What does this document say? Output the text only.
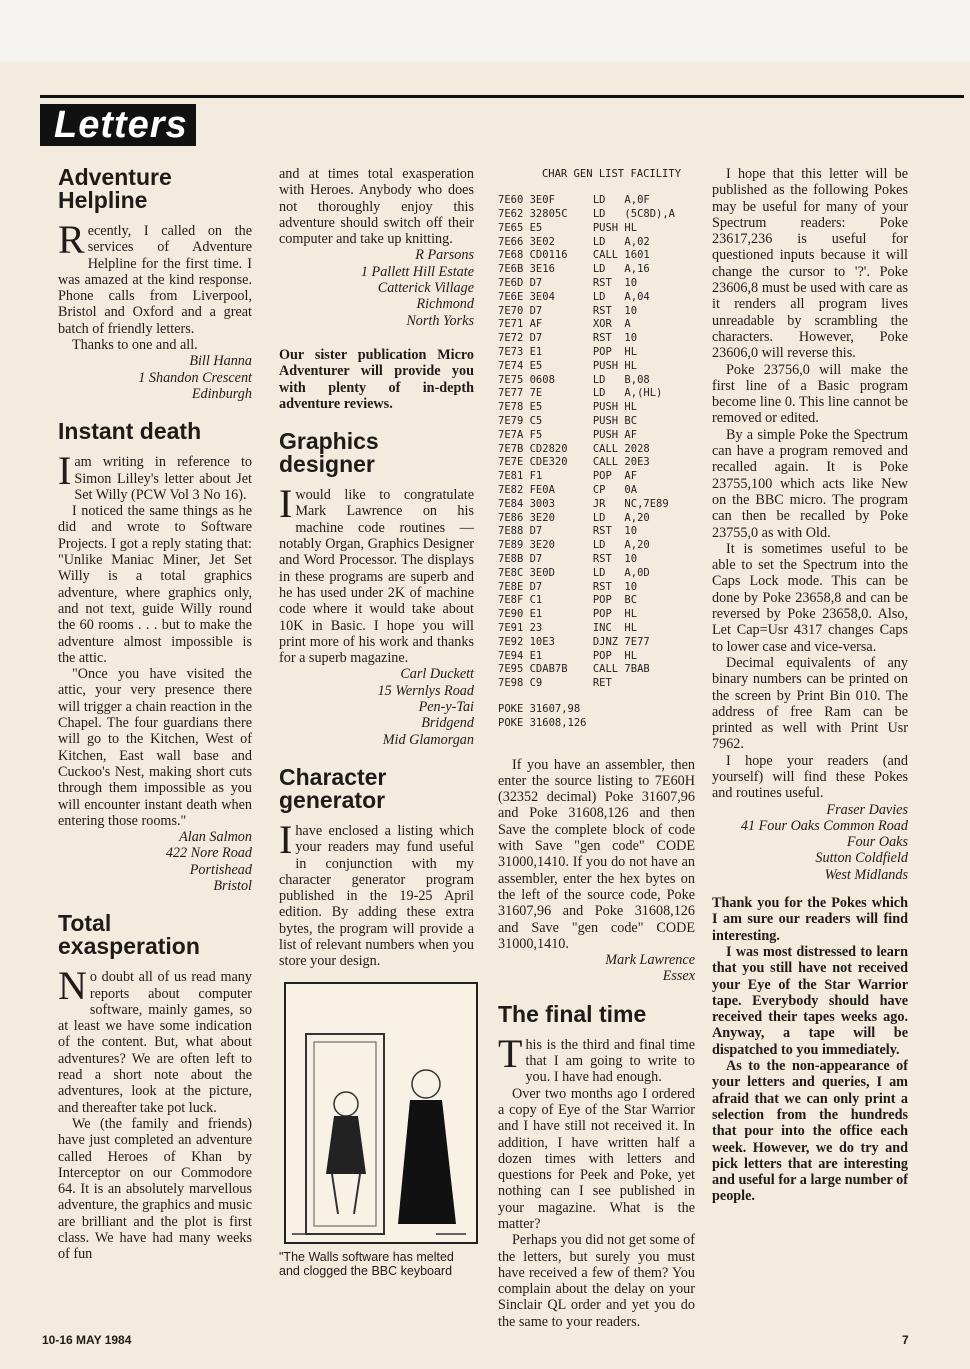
Letters
Adventure Helpline

Recently, I called on the services of Adventure Helpline for the first time. I was amazed at the kind response. Phone calls from Liverpool, Bristol and Oxford and a great batch of friendly letters.

Thanks to one and all.

Bill Hanna

1 Shandon Crescent

Edinburgh

Instant death

Iam writing in reference to Simon Lilley's letter about Jet Set Willy (PCW Vol 3 No 16).

I noticed the same things as he did and wrote to Software Projects. I got a reply stating that: "Unlike Maniac Miner, Jet Set Willy is a total graphics adventure, where graphics only, and not text, guide Willy round the 60 rooms . . . but to make the adventure almost impossible is the attic.

"Once you have visited the attic, your very presence there will trigger a chain reaction in the Chapel. The four guardians there will go to the Kitchen, West of Kitchen, East wall base and Cuckoo's Nest, making short cuts through them impossible as you will encounter instant death when entering those rooms."

Alan Salmon

422 Nore Road

Portishead

Bristol

Total exasperation

No doubt all of us read many reports about computer software, mainly games, so at least we have some indication of the content. But, what about adventures? We are often left to read a short note about the adventures, look at the picture, and thereafter take pot luck.

We (the family and friends) have just completed an adventure called Heroes of Khan by Interceptor on our Commodore 64. It is an absolutely marvellous adventure, the graphics and music are brilliant and the plot is first class. We have had many weeks of fun

and at times total exasperation with Heroes. Anybody who does not thoroughly enjoy this adventure should switch off their computer and take up knitting.

R Parsons

1 Pallett Hill Estate

Catterick Village

Richmond

North Yorks

Our sister publication Micro Adventurer will provide you with plenty of in-depth adventure reviews.

Graphics designer

Iwould like to congratulate Mark Lawrence on his machine code routines — notably Organ, Graphics Designer and Word Processor. The displays in these programs are superb and he has used under 2K of machine code where it would take about 10K in Basic. I hope you will print more of his work and thanks for a superb magazine.

Carl Duckett

15 Wernlys Road

Pen-y-Tai

Bridgend

Mid Glamorgan

Character generator

Ihave enclosed a listing which your readers may fund useful in conjunction with my character generator program published in the 19-25 April edition. By adding these extra bytes, the program will provide a list of relevant numbers when you store your design.

"The Walls software has melted and clogged the BBC keyboard
CHAR GEN LIST FACILITY
7E60 3E0F      LD   A,0F
7E62 32805C    LD   (5C8D),A
7E65 E5        PUSH HL
7E66 3E02      LD   A,02
7E68 CD0116    CALL 1601
7E6B 3E16      LD   A,16
7E6D D7        RST  10
7E6E 3E04      LD   A,04
7E70 D7        RST  10
7E71 AF        XOR  A
7E72 D7        RST  10
7E73 E1        POP  HL
7E74 E5        PUSH HL
7E75 0608      LD   B,08
7E77 7E        LD   A,(HL)
7E78 E5        PUSH HL
7E79 C5        PUSH BC
7E7A F5        PUSH AF
7E7B CD2820    CALL 2028
7E7E CDE320    CALL 20E3
7E81 F1        POP  AF
7E82 FE0A      CP   0A
7E84 3003      JR   NC,7E89
7E86 3E20      LD   A,20
7E88 D7        RST  10
7E89 3E20      LD   A,20
7E8B D7        RST  10
7E8C 3E0D      LD   A,0D
7E8E D7        RST  10
7E8F C1        POP  BC
7E90 E1        POP  HL
7E91 23        INC  HL
7E92 10E3      DJNZ 7E77
7E94 E1        POP  HL
7E95 CDAB7B    CALL 7BAB
7E98 C9        RET
POKE 31607,98
POKE 31608,126

If you have an assembler, then enter the source listing to 7E60H (32352 decimal) Poke 31607,96 and Poke 31608,126 and then Save the complete block of code with Save "gen code" CODE 31000,1410. If you do not have an assembler, enter the hex bytes on the left of the source code, Poke 31607,96 and Poke 31608,126 and Save "gen code" CODE 31000,1410.

Mark Lawrence

Essex

The final time

This is the third and final time that I am going to write to you. I have had enough.

Over two months ago I ordered a copy of Eye of the Star Warrior and I have still not received it. In addition, I have written half a dozen times with letters and questions for Peek and Poke, yet nothing can I see published in your magazine. What is the matter?

Perhaps you did not get some of the letters, but surely you must have received a few of them? You complain about the delay on your Sinclair QL order and yet you do the same to your readers.

I hope that this letter will be published as the following Pokes may be useful for many of your Spectrum readers: Poke 23617,236 is useful for questioned inputs because it will change the cursor to '?'. Poke 23606,8 must be used with care as it renders all program lives unreadable by scrambling the characters. However, Poke 23606,0 will reverse this.

Poke 23756,0 will make the first line of a Basic program become line 0. This line cannot be removed or edited.

By a simple Poke the Spectrum can have a program removed and recalled again. It is Poke 23755,100 which acts like New on the BBC micro. The program can then be recalled by Poke 23755,0 as with Old.

It is sometimes useful to be able to set the Spectrum into the Caps Lock mode. This can be done by Poke 23658,8 and can be reversed by Poke 23658,0. Also, Let Cap=Usr 4317 changes Caps to lower case and vice-versa.

Decimal equivalents of any binary numbers can be printed on the screen by Print Bin 010. The address of free Ram can be printed as well with Print Usr 7962.

I hope your readers (and yourself) will find these Pokes and routines useful.

Fraser Davies

41 Four Oaks Common Road

Four Oaks

Sutton Coldfield

West Midlands

Thank you for the Pokes which I am sure our readers will find interesting.

I was most distressed to learn that you still have not received your Eye of the Star Warrior tape. Everybody should have received their tapes weeks ago. Anyway, a tape will be dispatched to you immediately.

As to the non-appearance of your letters and queries, I am afraid that we can only print a selection from the hundreds that pour into the office each week. However, we do try and pick letters that are interesting and useful for a large number of people.

10-16 MAY 1984	7
